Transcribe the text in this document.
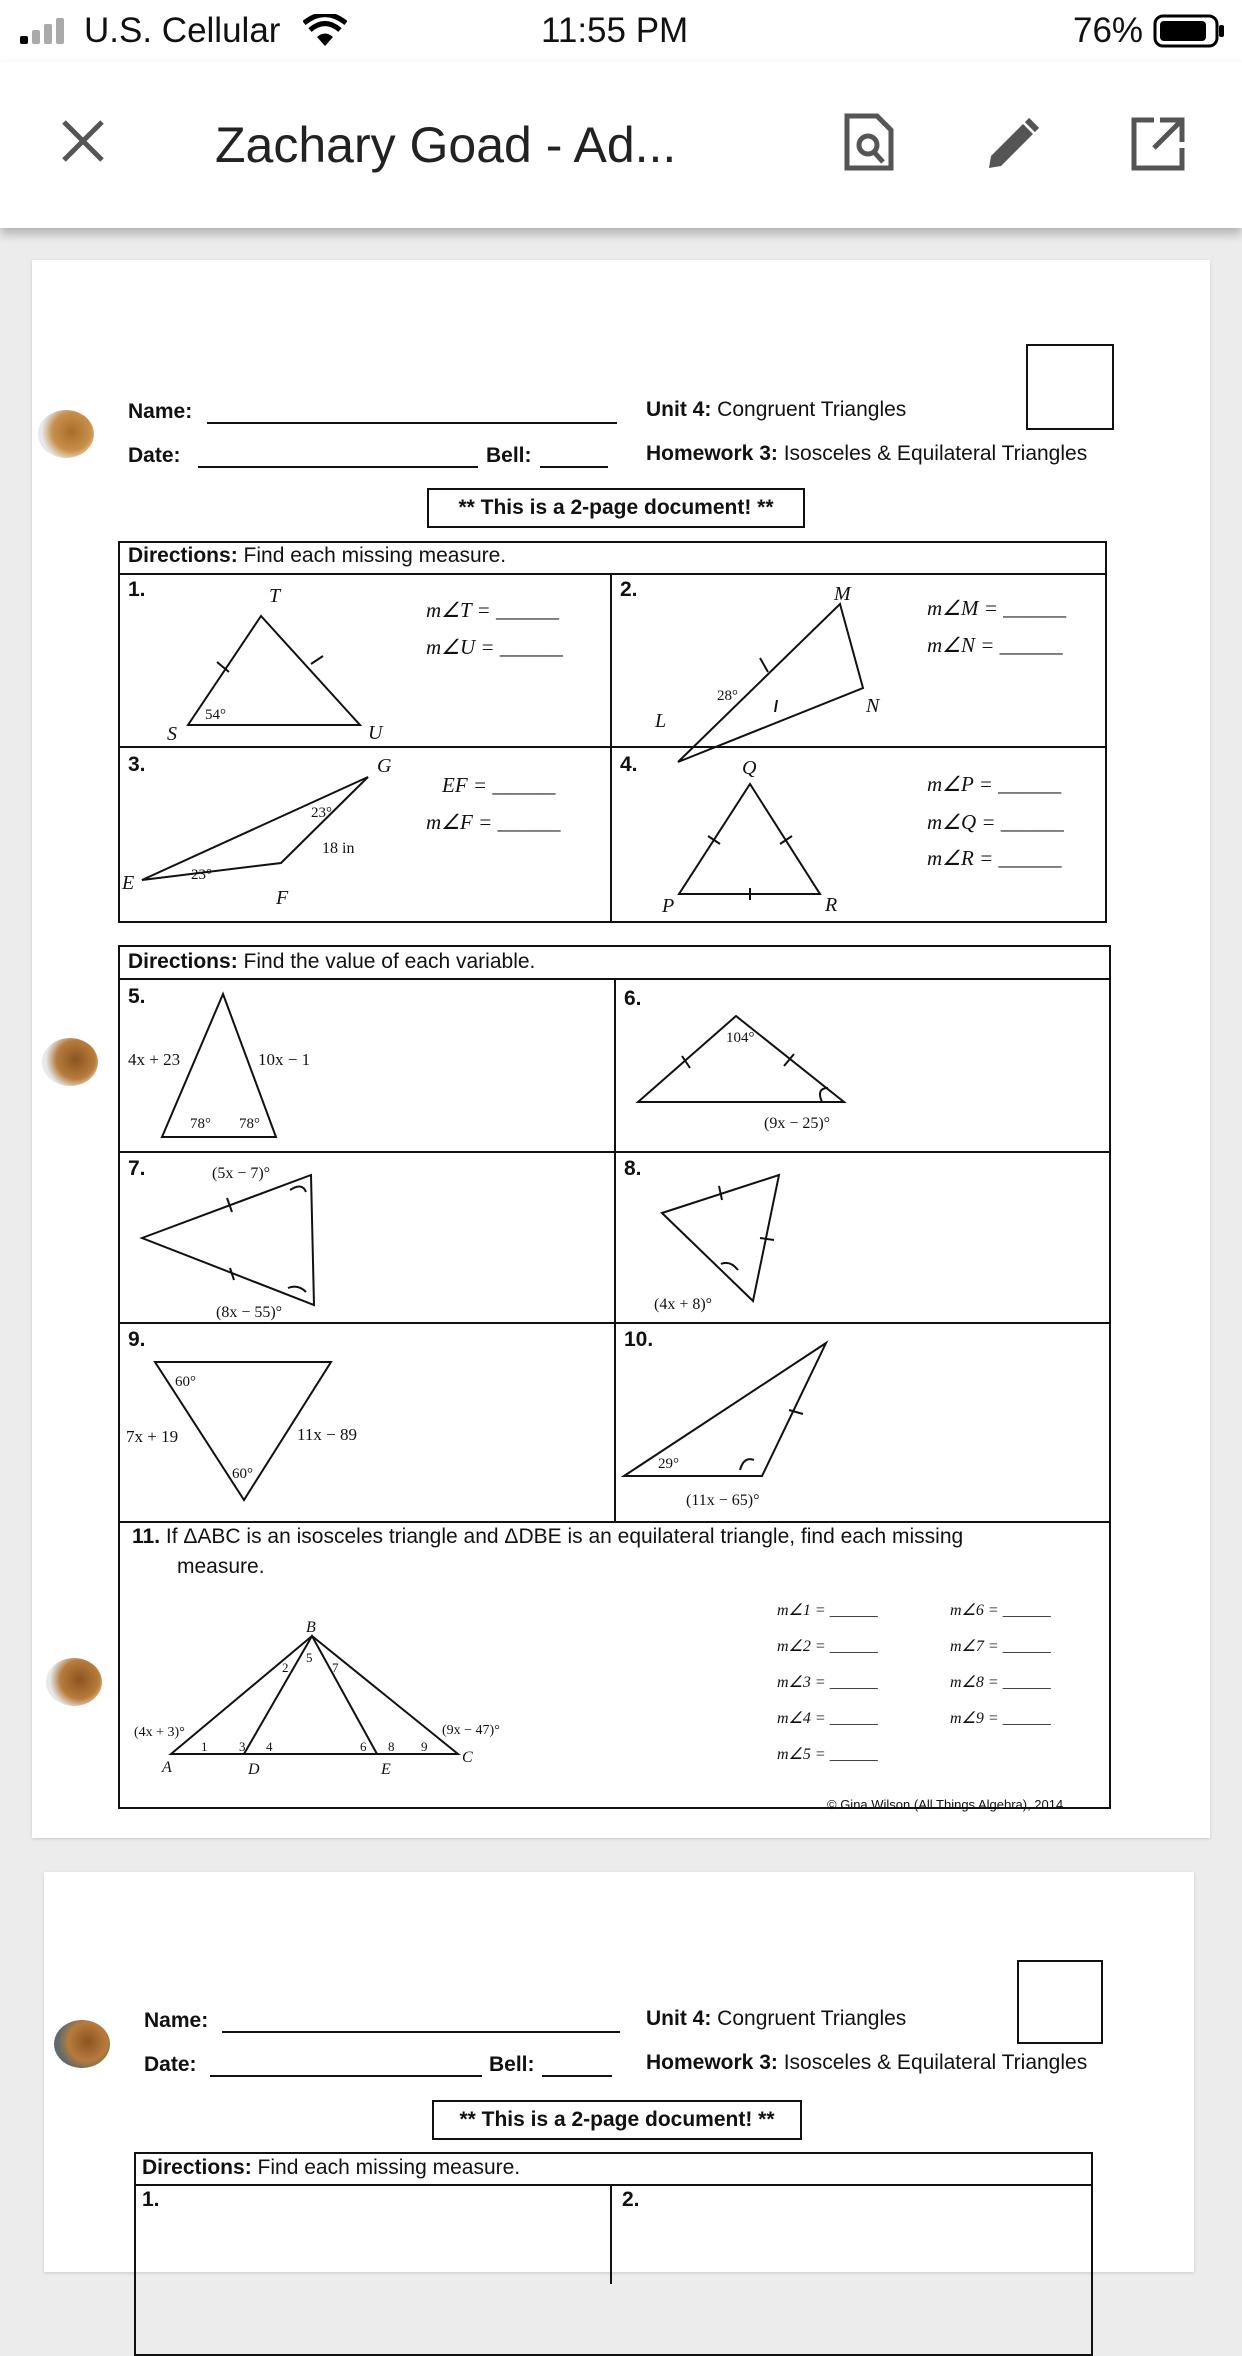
U.S. Cellular	11:55 PM	76%
Zachary Goad - Ad...
Name:
Date:	Bell:
Unit 4: Congruent Triangles
Homework 3: Isosceles & Equilateral Triangles
** This is a 2-page document! **
Directions: Find each missing measure.
Directions: Find the value of each variable.
1.	2.
3.	4.
5.	6.
7.	8.
9.	10.
m∠T = ______
m∠U = ______
m∠M = ______
m∠N = ______
EF = ______
m∠F = ______
m∠P = ______
m∠Q = ______
m∠R = ______
T
S	U
54°
M
L
N
28°
G
E
F
23°
23°
18 in
Q
P	R
4x + 23	10x − 1
78° 78°
104°
(9x − 25)°
(5x − 7)°
(8x − 55)°	(4x + 8)°
60°
60°
7x + 19	11x − 89
29°
(11x − 65)°
B
A	D	E
C
(4x + 3)°	(9x − 47)°
1
2
3 4
5
6
7
8 9
11. If ΔABC is an isosceles triangle and ΔDBE is an equilateral triangle, find each missing
measure.
m∠1 = ______
m∠2 = ______
m∠3 = ______
m∠4 = ______
m∠5 = ______
m∠6 = ______
m∠7 = ______
m∠8 = ______
m∠9 = ______
© Gina Wilson (All Things Algebra), 2014
Name:
Date:	Bell:
Unit 4: Congruent Triangles
Homework 3: Isosceles & Equilateral Triangles
** This is a 2-page document! **
Directions: Find each missing measure.
1.	2.
